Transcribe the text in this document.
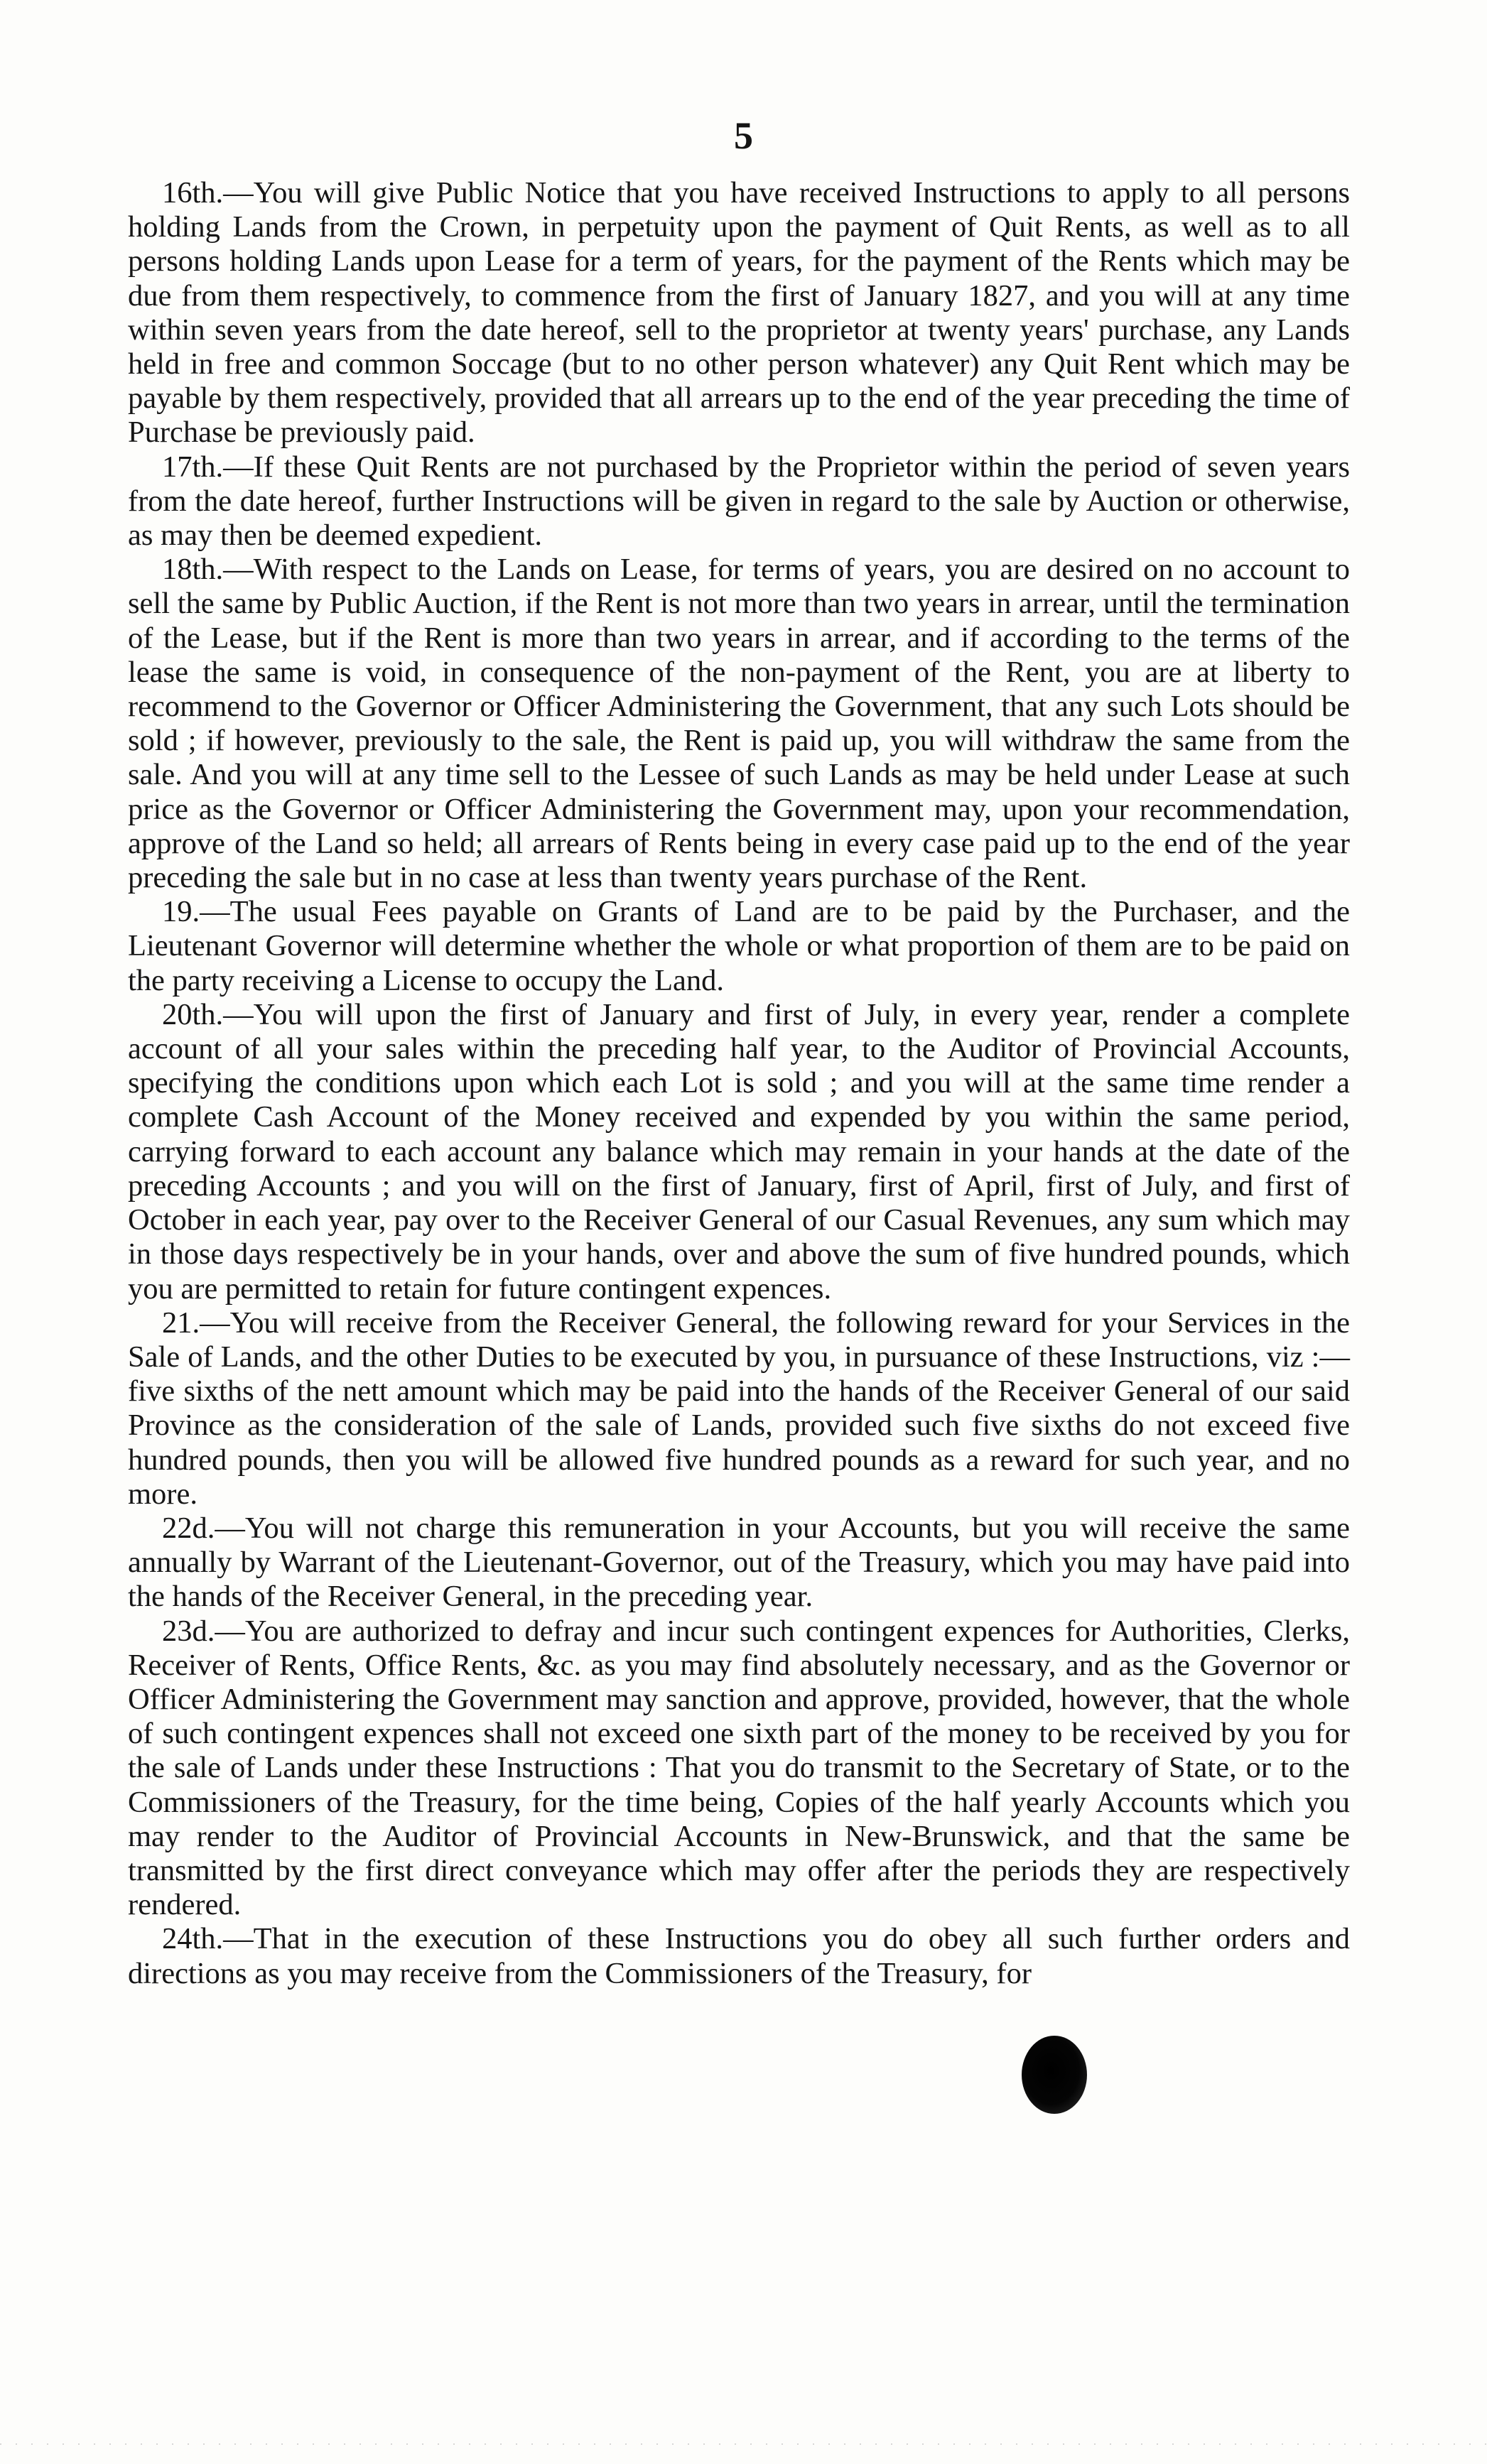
5

16th.—You will give Public Notice that you have received Instructions to apply to all persons holding Lands from the Crown, in perpetuity upon the payment of Quit Rents, as well as to all persons holding Lands upon Lease for a term of years, for the payment of the Rents which may be due from them respectively, to commence from the first of January 1827, and you will at any time within seven years from the date hereof, sell to the proprietor at twenty years' purchase, any Lands held in free and common Soccage (but to no other person whatever) any Quit Rent which may be payable by them respectively, provided that all arrears up to the end of the year preceding the time of Purchase be previously paid.

17th.—If these Quit Rents are not purchased by the Proprietor within the period of seven years from the date hereof, further Instructions will be given in regard to the sale by Auction or otherwise, as may then be deemed expedient.

18th.—With respect to the Lands on Lease, for terms of years, you are desired on no account to sell the same by Public Auction, if the Rent is not more than two years in arrear, until the termination of the Lease, but if the Rent is more than two years in arrear, and if according to the terms of the lease the same is void, in consequence of the non-payment of the Rent, you are at liberty to recommend to the Governor or Officer Administering the Government, that any such Lots should be sold ; if however, previously to the sale, the Rent is paid up, you will withdraw the same from the sale. And you will at any time sell to the Lessee of such Lands as may be held under Lease at such price as the Governor or Officer Administering the Government may, upon your recommendation, approve of the Land so held; all arrears of Rents being in every case paid up to the end of the year preceding the sale but in no case at less than twenty years purchase of the Rent.

19.—The usual Fees payable on Grants of Land are to be paid by the Purchaser, and the Lieutenant Governor will determine whether the whole or what proportion of them are to be paid on the party receiving a License to occupy the Land.

20th.—You will upon the first of January and first of July, in every year, render a complete account of all your sales within the preceding half year, to the Auditor of Provincial Accounts, specifying the conditions upon which each Lot is sold ; and you will at the same time render a complete Cash Account of the Money received and expended by you within the same period, carrying forward to each account any balance which may remain in your hands at the date of the preceding Accounts ; and you will on the first of January, first of April, first of July, and first of October in each year, pay over to the Receiver General of our Casual Revenues, any sum which may in those days respectively be in your hands, over and above the sum of five hundred pounds, which you are permitted to retain for future contingent expences.

21.—You will receive from the Receiver General, the following reward for your Services in the Sale of Lands, and the other Duties to be executed by you, in pursuance of these Instructions, viz :—five sixths of the nett amount which may be paid into the hands of the Receiver General of our said Province as the consideration of the sale of Lands, provided such five sixths do not exceed five hundred pounds, then you will be allowed five hundred pounds as a reward for such year, and no more.

22d.—You will not charge this remuneration in your Accounts, but you will receive the same annually by Warrant of the Lieutenant-Governor, out of the Treasury, which you may have paid into the hands of the Receiver General, in the preceding year.

23d.—You are authorized to defray and incur such contingent expences for Authorities, Clerks, Receiver of Rents, Office Rents, &c. as you may find absolutely necessary, and as the Governor or Officer Administering the Government may sanction and approve, provided, however, that the whole of such contingent expences shall not exceed one sixth part of the money to be received by you for the sale of Lands under these Instructions : That you do transmit to the Secretary of State, or to the Commissioners of the Treasury, for the time being, Copies of the half yearly Accounts which you may render to the Auditor of Provincial Accounts in New-Brunswick, and that the same be transmitted by the first direct conveyance which may offer after the periods they are respectively rendered.

24th.—That in the execution of these Instructions you do obey all such further orders and directions as you may receive from the Commissioners of the Treasury, for
